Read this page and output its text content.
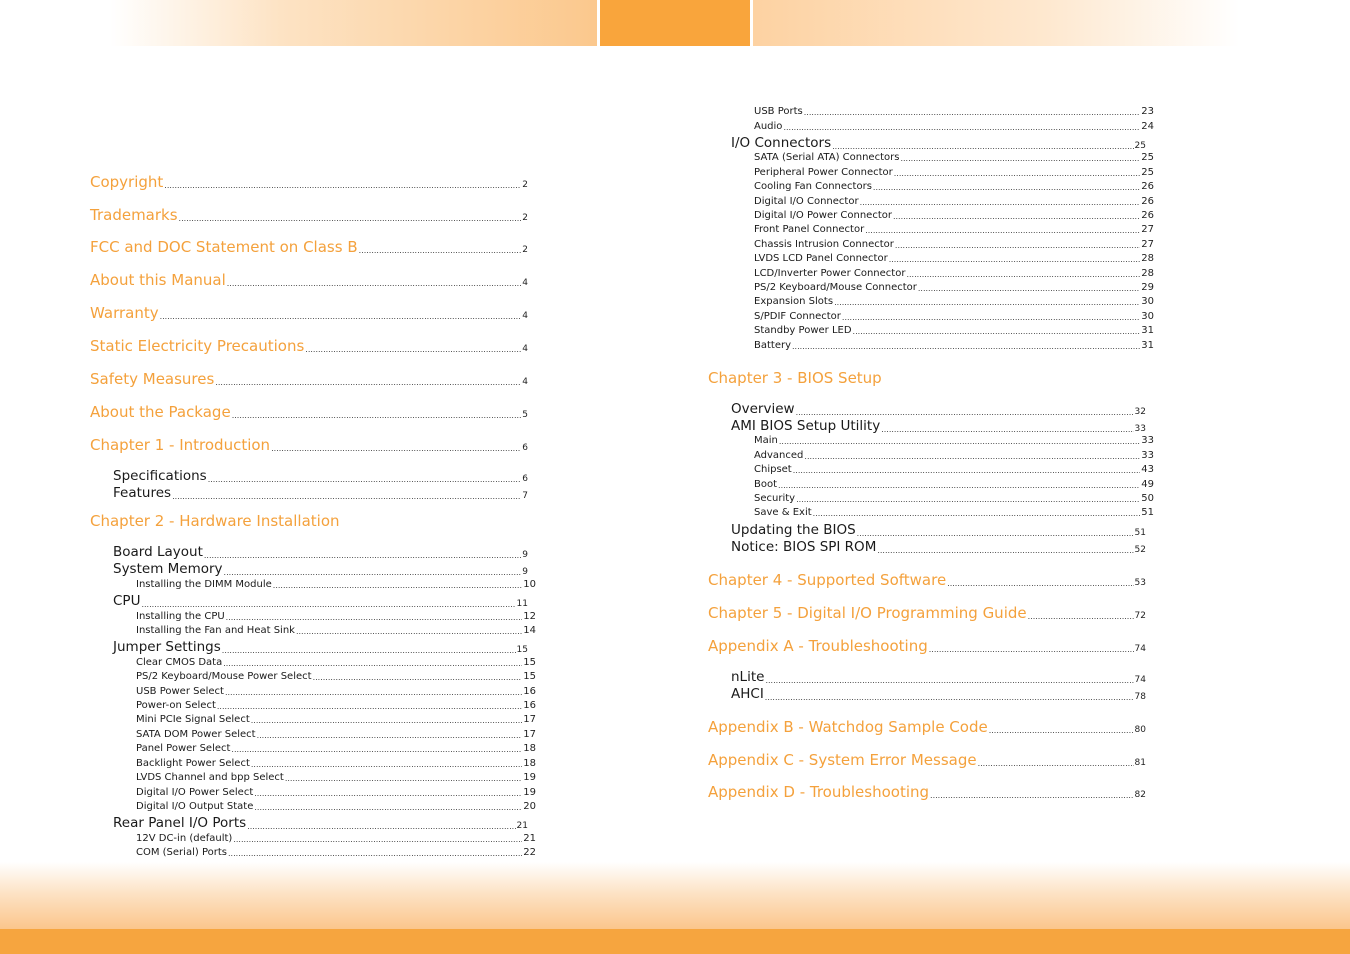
Copyright .....	2
Trademarks .....	2
FCC and DOC Statement on Class B .....	2
About this Manual .....	4
Warranty .....	4
Static Electricity Precautions .....	4
Safety Measures .....	4
About the Package .....	5
Chapter 1 - Introduction .....	6
Specifications .....	6
Features .....	7
Chapter 2 - Hardware Installation
Board Layout .....	9
System Memory .....	9
Installing the DIMM Module .....	10
CPU .....	11
Installing the CPU .....	12
Installing the Fan and Heat Sink .....	14
Jumper Settings .....	15
Clear CMOS Data .....	15
PS/2 Keyboard/Mouse Power Select .....	15
USB Power Select .....	16
Power-on Select .....	16
Mini PCIe Signal Select .....	17
SATA DOM Power Select .....	17
Panel Power Select .....	18
Backlight Power Select .....	18
LVDS Channel and bpp Select .....	19
Digital I/O Power Select .....	19
Digital I/O Output State .....	20
Rear Panel I/O Ports .....	21
12V DC-in (default) .....	21
COM (Serial) Ports .....	22
.....
.....
USB Ports .....	23
Audio .....	24
I/O Connectors .....	25
SATA (Serial ATA) Connectors .....	25
Peripheral Power Connector .....	25
Cooling Fan Connectors .....	26
Digital I/O Connector .....	26
Digital I/O Power Connector .....	26
Front Panel Connector .....	27
Chassis Intrusion Connector .....	27
LVDS LCD Panel Connector .....	28
LCD/Inverter Power Connector .....	28
PS/2 Keyboard/Mouse Connector .....	29
Expansion Slots .....	30
S/PDIF Connector .....	30
Standby Power LED .....	31
Battery .....	31
Chapter 3 - BIOS Setup
Overview .....	32
AMI BIOS Setup Utility .....	33
Main .....	33
Advanced .....	33
Chipset .....	43
Boot .....	49
Security .....	50
Save & Exit .....	51
Updating the BIOS .....	51
Notice: BIOS SPI ROM .....	52
Chapter 4 - Supported Software .....	53
Chapter 5 - Digital I/O Programming Guide .....	72
Appendix A - Troubleshooting .....	74
nLite .....	74
AHCI .....	78
Appendix B - Watchdog Sample Code .....	80
Appendix C - System Error Message .....	81
Appendix D - Troubleshooting .....	82
